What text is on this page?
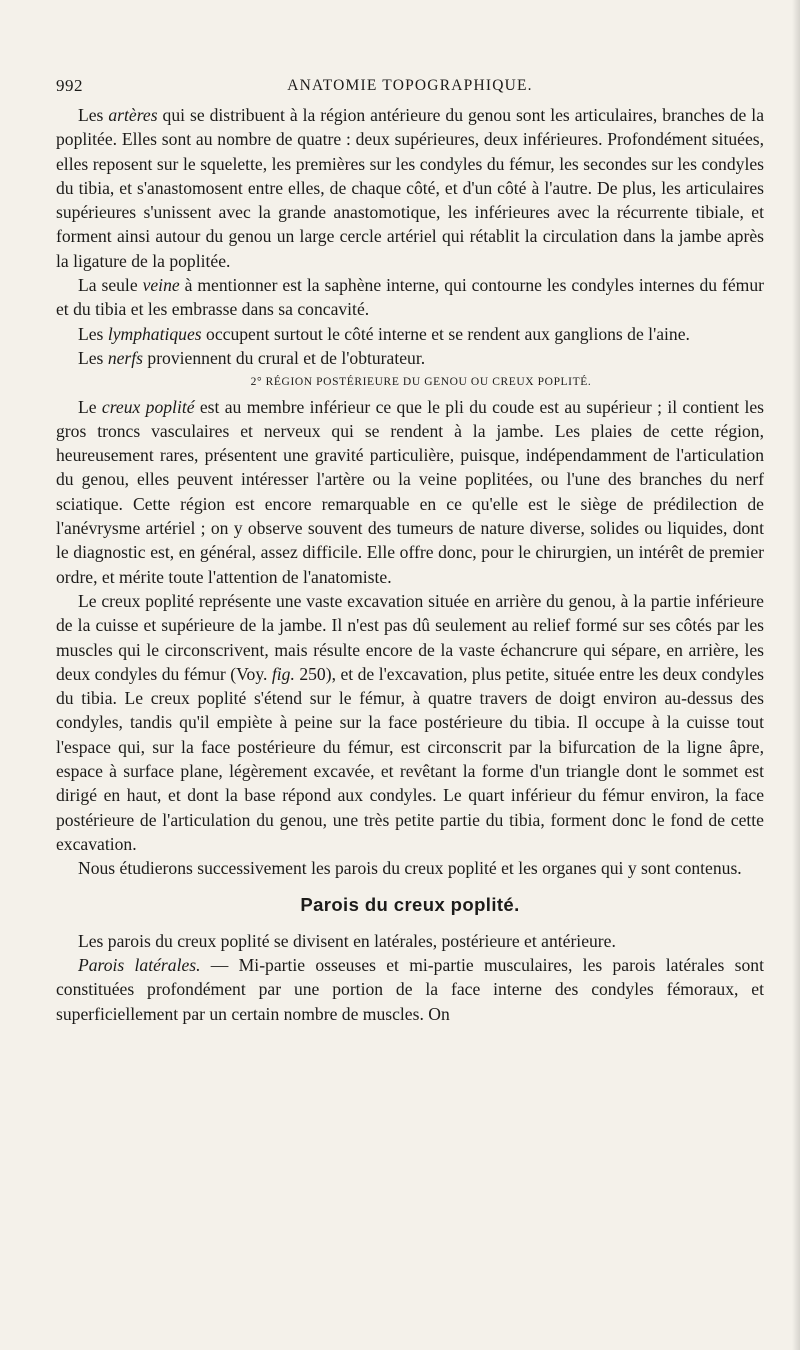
992	ANATOMIE TOPOGRAPHIQUE.

Les artères qui se distribuent à la région antérieure du genou sont les articulaires, branches de la poplitée. Elles sont au nombre de quatre : deux supérieures, deux inférieures. Profondément situées, elles reposent sur le squelette, les premières sur les condyles du fémur, les secondes sur les condyles du tibia, et s'anastomosent entre elles, de chaque côté, et d'un côté à l'autre. De plus, les articulaires supérieures s'unissent avec la grande anastomotique, les inférieures avec la récurrente tibiale, et forment ainsi autour du genou un large cercle artériel qui rétablit la circulation dans la jambe après la ligature de la poplitée.

La seule veine à mentionner est la saphène interne, qui contourne les condyles internes du fémur et du tibia et les embrasse dans sa concavité.

Les lymphatiques occupent surtout le côté interne et se rendent aux ganglions de l'aine.

Les nerfs proviennent du crural et de l'obturateur.

2° RÉGION POSTÉRIEURE DU GENOU OU CREUX POPLITÉ.

Le creux poplité est au membre inférieur ce que le pli du coude est au supérieur ; il contient les gros troncs vasculaires et nerveux qui se rendent à la jambe. Les plaies de cette région, heureusement rares, présentent une gravité particulière, puisque, indépendamment de l'articulation du genou, elles peuvent intéresser l'artère ou la veine poplitées, ou l'une des branches du nerf sciatique. Cette région est encore remarquable en ce qu'elle est le siège de prédilection de l'anévrysme artériel ; on y observe souvent des tumeurs de nature diverse, solides ou liquides, dont le diagnostic est, en général, assez difficile. Elle offre donc, pour le chirurgien, un intérêt de premier ordre, et mérite toute l'attention de l'anatomiste.

Le creux poplité représente une vaste excavation située en arrière du genou, à la partie inférieure de la cuisse et supérieure de la jambe. Il n'est pas dû seulement au relief formé sur ses côtés par les muscles qui le circonscrivent, mais résulte encore de la vaste échancrure qui sépare, en arrière, les deux condyles du fémur (Voy. fig. 250), et de l'excavation, plus petite, située entre les deux condyles du tibia. Le creux poplité s'étend sur le fémur, à quatre travers de doigt environ au-dessus des condyles, tandis qu'il empiète à peine sur la face postérieure du tibia. Il occupe à la cuisse tout l'espace qui, sur la face postérieure du fémur, est circonscrit par la bifurcation de la ligne âpre, espace à surface plane, légèrement excavée, et revêtant la forme d'un triangle dont le sommet est dirigé en haut, et dont la base répond aux condyles. Le quart inférieur du fémur environ, la face postérieure de l'articulation du genou, une très petite partie du tibia, forment donc le fond de cette excavation.

Nous étudierons successivement les parois du creux poplité et les organes qui y sont contenus.

Parois du creux poplité.

Les parois du creux poplité se divisent en latérales, postérieure et antérieure.

Parois latérales. — Mi-partie osseuses et mi-partie musculaires, les parois latérales sont constituées profondément par une portion de la face interne des condyles fémoraux, et superficiellement par un certain nombre de muscles. On
